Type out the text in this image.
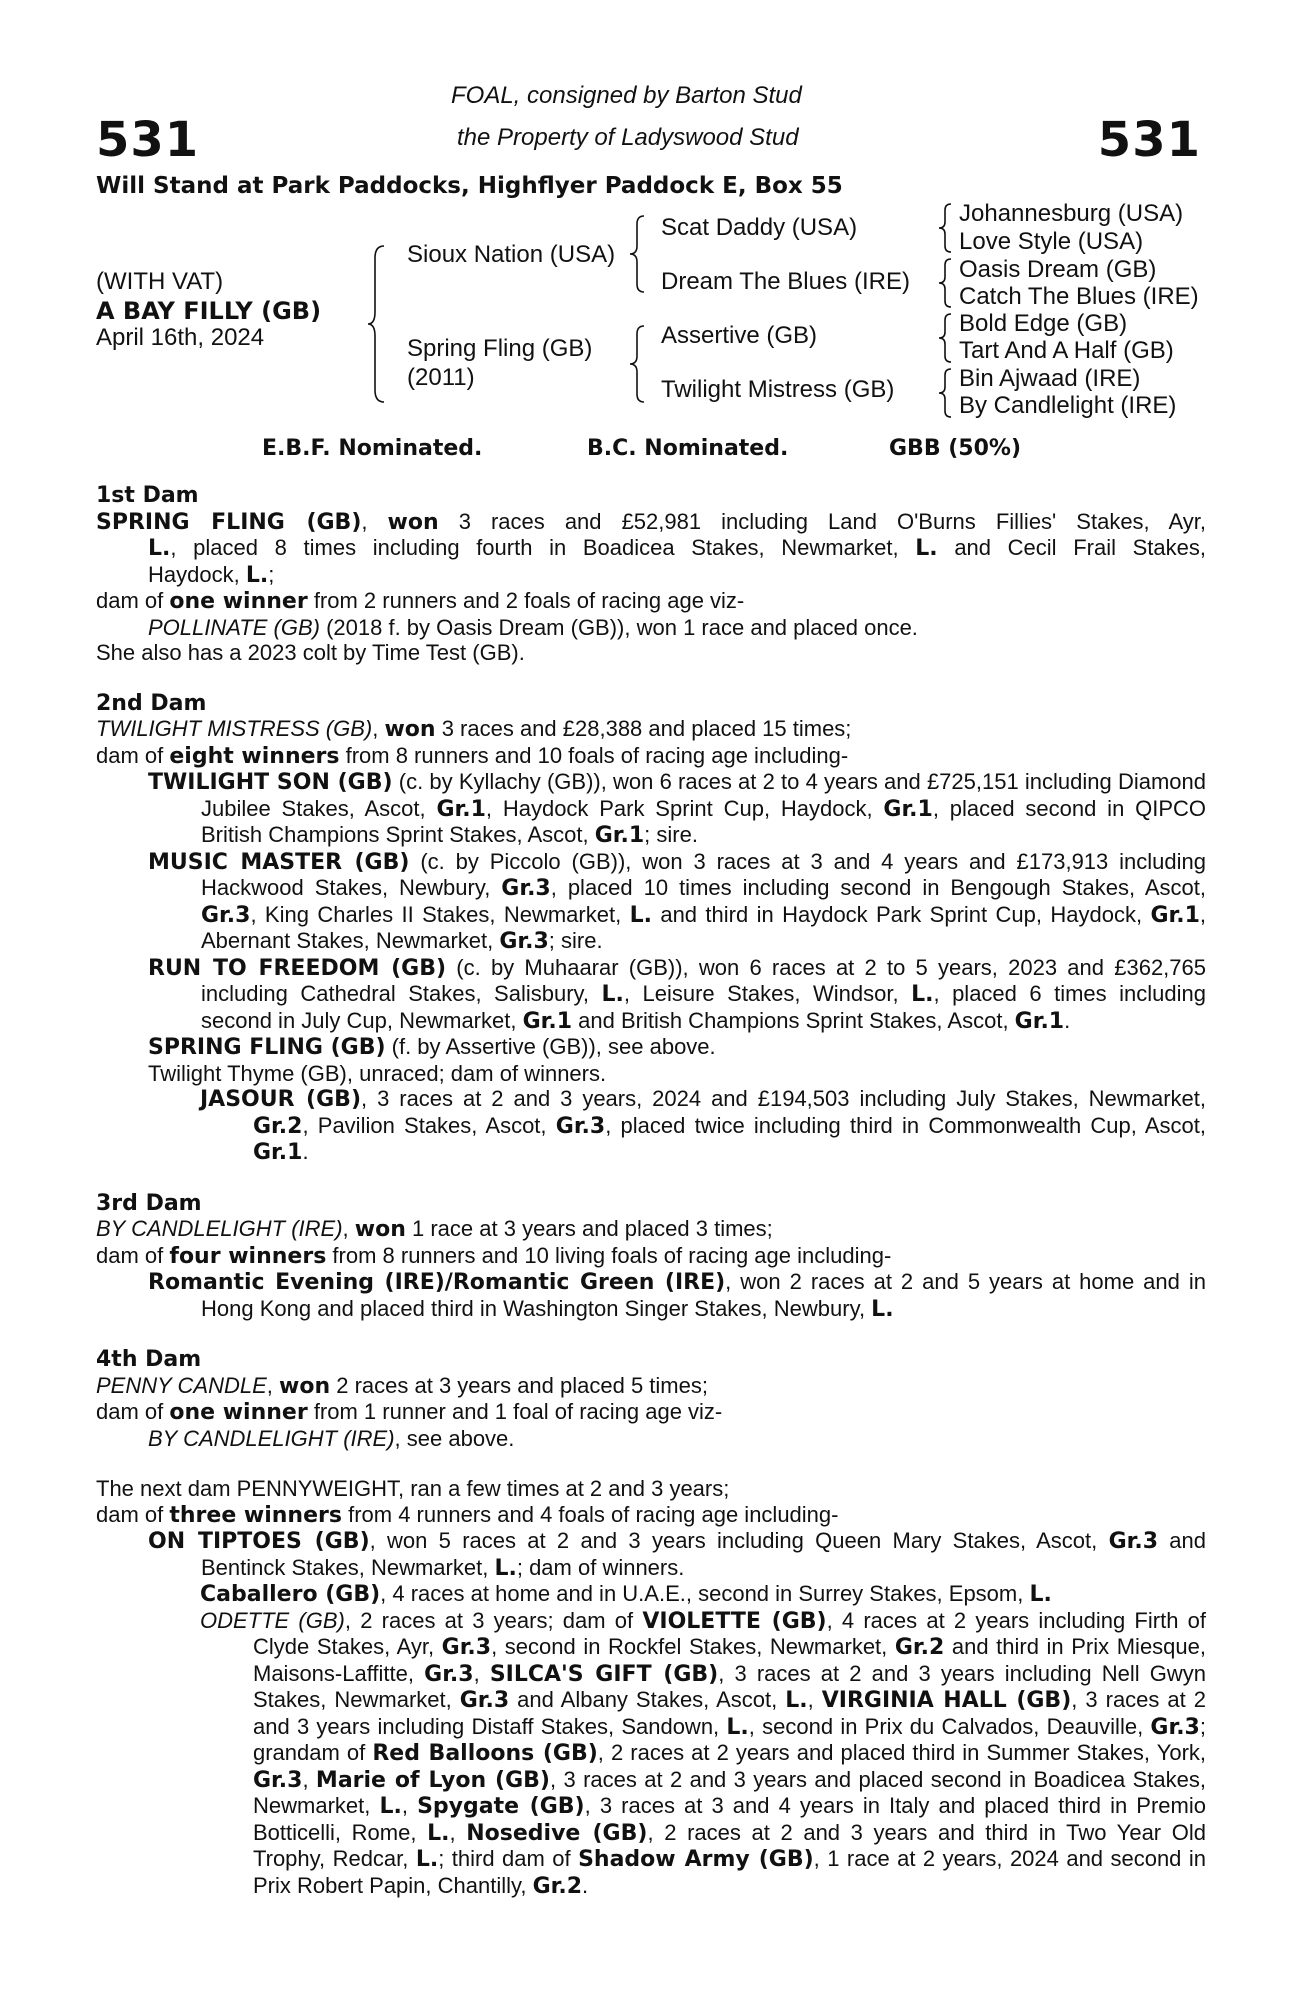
531	531
FOAL, consigned by Barton Stud
the Property of Ladyswood Stud
Will Stand at Park Paddocks, Highflyer Paddock E, Box 55
(WITH VAT)
A BAY FILLY (GB)
April 16th, 2024
Sioux Nation (USA)
Spring Fling (GB)
(2011)
Scat Daddy (USA)
Dream The Blues (IRE)
Assertive (GB)
Twilight Mistress (GB)
Johannesburg (USA)
Love Style (USA)
Oasis Dream (GB)
Catch The Blues (IRE)
Bold Edge (GB)
Tart And A Half (GB)
Bin Ajwaad (IRE)
By Candlelight (IRE)
E.B.F. Nominated.	B.C. Nominated.	GBB (50%)

1st Dam

SPRING FLING (GB), won 3 races and £52,981 including Land O'Burns Fillies' Stakes, Ayr,

L., placed 8 times including fourth in Boadicea Stakes, Newmarket, L. and Cecil Frail Stakes,

Haydock, L.;

dam of one winner from 2 runners and 2 foals of racing age viz-

POLLINATE (GB) (2018 f. by Oasis Dream (GB)), won 1 race and placed once.

She also has a 2023 colt by Time Test (GB).

2nd Dam

TWILIGHT MISTRESS (GB), won 3 races and £28,388 and placed 15 times;

dam of eight winners from 8 runners and 10 foals of racing age including-

TWILIGHT SON (GB) (c. by Kyllachy (GB)), won 6 races at 2 to 4 years and £725,151 including Diamond Jubilee Stakes, Ascot, Gr.1, Haydock Park Sprint Cup, Haydock, Gr.1, placed second in QIPCO British Champions Sprint Stakes, Ascot, Gr.1; sire.

MUSIC MASTER (GB) (c. by Piccolo (GB)), won 3 races at 3 and 4 years and £173,913 including Hackwood Stakes, Newbury, Gr.3, placed 10 times including second in Bengough Stakes, Ascot, Gr.3, King Charles II Stakes, Newmarket, L. and third in Haydock Park Sprint Cup, Haydock, Gr.1, Abernant Stakes, Newmarket, Gr.3; sire.

RUN TO FREEDOM (GB) (c. by Muhaarar (GB)), won 6 races at 2 to 5 years, 2023 and £362,765 including Cathedral Stakes, Salisbury, L., Leisure Stakes, Windsor, L., placed 6 times including second in July Cup, Newmarket, Gr.1 and British Champions Sprint Stakes, Ascot, Gr.1.

SPRING FLING (GB) (f. by Assertive (GB)), see above.

Twilight Thyme (GB), unraced; dam of winners.

JASOUR (GB), 3 races at 2 and 3 years, 2024 and £194,503 including July Stakes, Newmarket, Gr.2, Pavilion Stakes, Ascot, Gr.3, placed twice including third in Commonwealth Cup, Ascot, Gr.1.

3rd Dam

BY CANDLELIGHT (IRE), won 1 race at 3 years and placed 3 times;

dam of four winners from 8 runners and 10 living foals of racing age including-

Romantic Evening (IRE)/Romantic Green (IRE), won 2 races at 2 and 5 years at home and in Hong Kong and placed third in Washington Singer Stakes, Newbury, L.

4th Dam

PENNY CANDLE, won 2 races at 3 years and placed 5 times;

dam of one winner from 1 runner and 1 foal of racing age viz-

BY CANDLELIGHT (IRE), see above.

The next dam PENNYWEIGHT, ran a few times at 2 and 3 years;

dam of three winners from 4 runners and 4 foals of racing age including-

ON TIPTOES (GB), won 5 races at 2 and 3 years including Queen Mary Stakes, Ascot, Gr.3 and Bentinck Stakes, Newmarket, L.; dam of winners.

Caballero (GB), 4 races at home and in U.A.E., second in Surrey Stakes, Epsom, L.

ODETTE (GB), 2 races at 3 years; dam of VIOLETTE (GB), 4 races at 2 years including Firth of Clyde Stakes, Ayr, Gr.3, second in Rockfel Stakes, Newmarket, Gr.2 and third in Prix Miesque, Maisons-Laffitte, Gr.3, SILCA'S GIFT (GB), 3 races at 2 and 3 years including Nell Gwyn Stakes, Newmarket, Gr.3 and Albany Stakes, Ascot, L., VIRGINIA HALL (GB), 3 races at 2 and 3 years including Distaff Stakes, Sandown, L., second in Prix du Calvados, Deauville, Gr.3; grandam of Red Balloons (GB), 2 races at 2 years and placed third in Summer Stakes, York, Gr.3, Marie of Lyon (GB), 3 races at 2 and 3 years and placed second in Boadicea Stakes, Newmarket, L., Spygate (GB), 3 races at 3 and 4 years in Italy and placed third in Premio Botticelli, Rome, L., Nosedive (GB), 2 races at 2 and 3 years and third in Two Year Old Trophy, Redcar, L.; third dam of Shadow Army (GB), 1 race at 2 years, 2024 and second in Prix Robert Papin, Chantilly, Gr.2.
